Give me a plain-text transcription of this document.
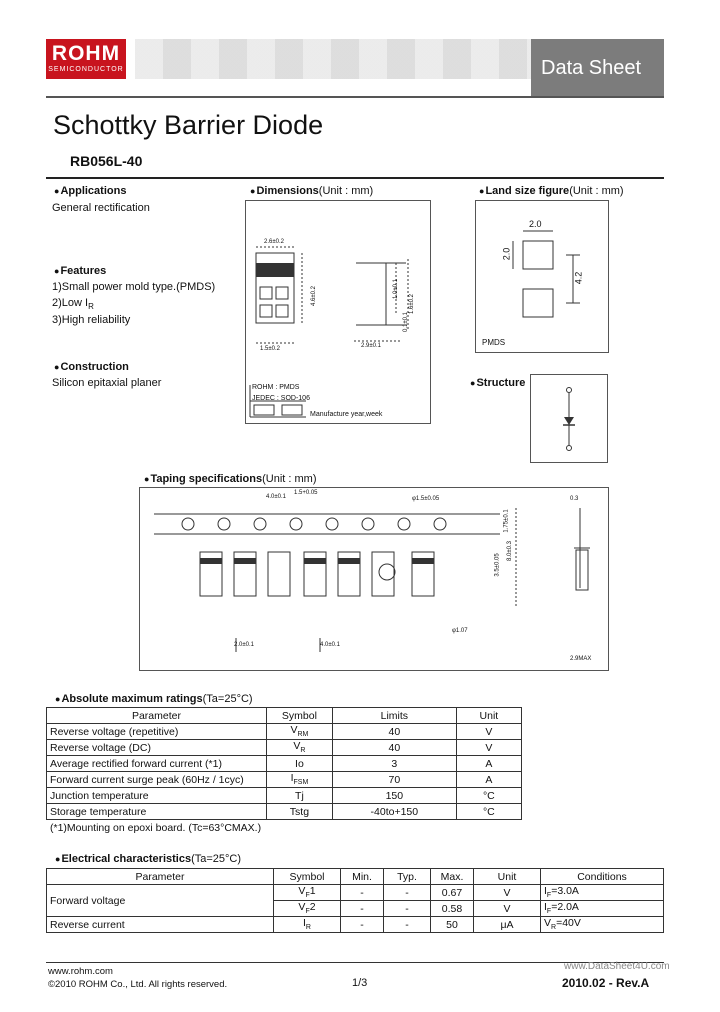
ROHM
SEMICONDUCTOR	Data Sheet
Schottky Barrier Diode
RB056L-40
● Applications
General rectification
● Features
1)Small power mold type.(PMDS)
2)Low $I_R$
3)High reliability
● Construction
Silicon epitaxial planer
● Dimensions(Unit : mm)
2.6±0.2
4.6±0.2
1.5±0.2
1.0±0.1
1.6±0.2
0.1±0.1
2.9±0.1
ROHM : PMDS
JEDEC : SOD-106
Manufacture year,week
● Land size figure(Unit : mm)
2.0
2.0
4.2
PMDS
● Structure
● Taping specifications(Unit : mm)
4.0±0.1
1.5+0.05
φ1.5±0.05
2.0±0.1	4.0±0.1
8.0±0.3
1.75±0.1
3.5±0.05
φ1.07
0.3
2.9MAX
● Absolute maximum ratings(Ta=25°C)
Parameter	Symbol	Limits	Unit
Reverse voltage (repetitive)	$V_{RM}$	40	V
Reverse voltage (DC)	$V_R$	40	V
Average rectified forward current (*1)	Io	3	A
Forward current surge peak (60Hz / 1cyc)	$I_{FSM}$	70	A
Junction temperature	Tj	150	°C
Storage temperature	Tstg	-40to+150	°C
(*1)Mounting on epoxi board. (Tc=63°CMAX.)
● Electrical characteristics(Ta=25°C)
Parameter	Symbol	Min.	Typ.	Max.	Unit	Conditions
Forward voltage	$V_F1$	-	-	0.67	V	$I_F=3.0A$
	$V_F2$	-	-	0.58	V	$I_F=2.0A$
Reverse current	$I_R$	-	-	50	μA	$V_R=40V$
www.rohm.com
©2010 ROHM Co., Ltd. All rights reserved.	1/3
www.DataSheet4U.com
2010.02 - Rev.A
